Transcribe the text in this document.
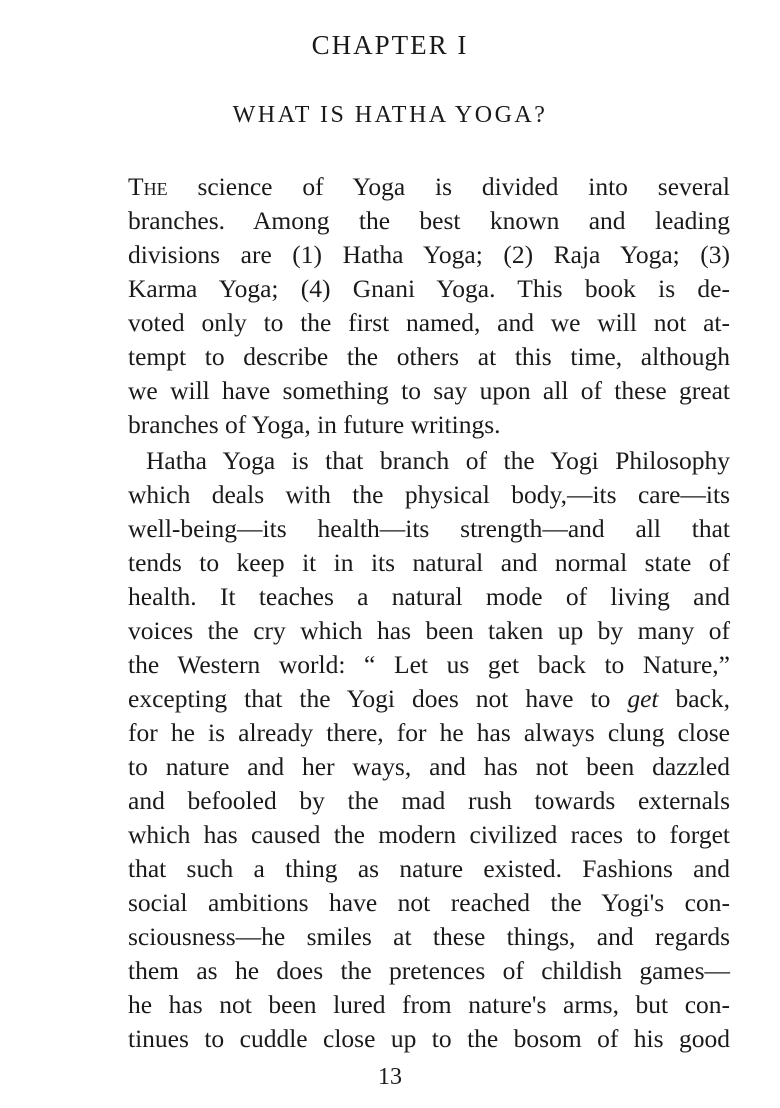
CHAPTER I
WHAT IS HATHA YOGA?
The science of Yoga is divided into several
branches. Among the best known and leading
divisions are (1) Hatha Yoga; (2) Raja Yoga; (3)
Karma Yoga; (4) Gnani Yoga. This book is de-
voted only to the first named, and we will not at-
tempt to describe the others at this time, although
we will have something to say upon all of these great
branches of Yoga, in future writings.
Hatha Yoga is that branch of the Yogi Philosophy
which deals with the physical body,—its care—its
well-being—its health—its strength—and all that
tends to keep it in its natural and normal state of
health. It teaches a natural mode of living and
voices the cry which has been taken up by many of
the Western world: “ Let us get back to Nature,”
excepting that the Yogi does not have to get back,
for he is already there, for he has always clung close
to nature and her ways, and has not been dazzled
and befooled by the mad rush towards externals
which has caused the modern civilized races to forget
that such a thing as nature existed. Fashions and
social ambitions have not reached the Yogi's con-
sciousness—he smiles at these things, and regards
them as he does the pretences of childish games—
he has not been lured from nature's arms, but con-
tinues to cuddle close up to the bosom of his good
13
